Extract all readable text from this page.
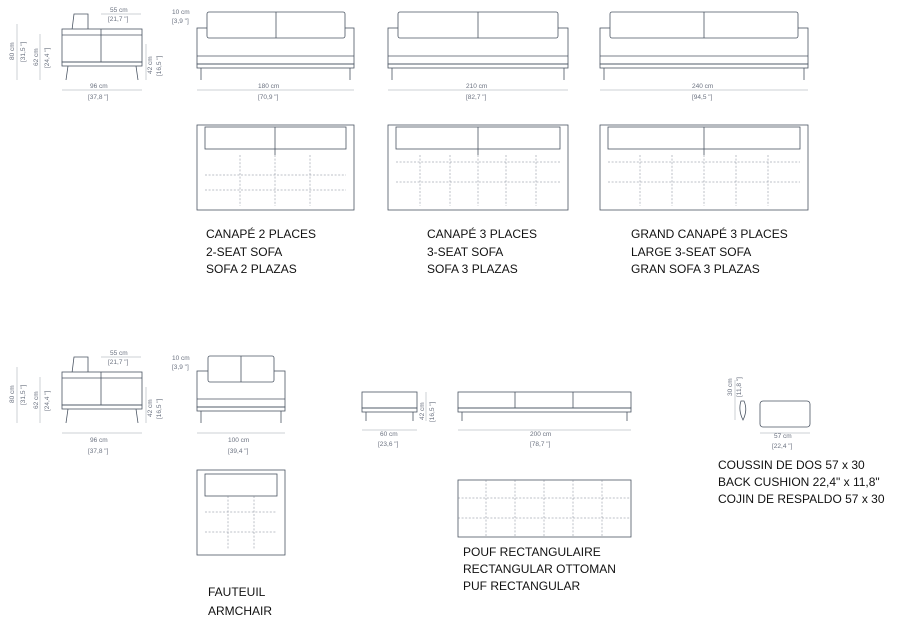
55 cm
[21,7 "]
96 cm
[37,8 "]
80 cm [31,5 "] 62 cm [24,4 "]	42 cm [16,5 "]
10 cm
[3,9 "]
180 cm
[70,9 "]
210 cm
[82,7 "]
240 cm
[94,5 "]
CANAPÉ 2 PLACES
2-SEAT SOFA
SOFA 2 PLAZAS
CANAPÉ 3 PLACES
3-SEAT SOFA
SOFA 3 PLAZAS
GRAND CANAPÉ 3 PLACES
LARGE 3-SEAT SOFA
GRAN SOFA 3 PLAZAS
55 cm
[21,7 "]
96 cm
[37,8 "]
80 cm [31,5 "] 62 cm [24,4 "]	42 cm [16,5 "]
10 cm
[3,9 "]
100 cm
[39,4 "]
FAUTEUIL
ARMCHAIR
60 cm
[23,6 "]
42 cm [16,5 "]
200 cm
[78,7 "]
POUF RECTANGULAIRE
RECTANGULAR OTTOMAN
PUF RECTANGULAR
30 cm [11,8 "]
57 cm
[22,4 "]
COUSSIN DE DOS 57 x 30
BACK CUSHION 22,4" x 11,8"
COJIN DE RESPALDO 57 x 30
